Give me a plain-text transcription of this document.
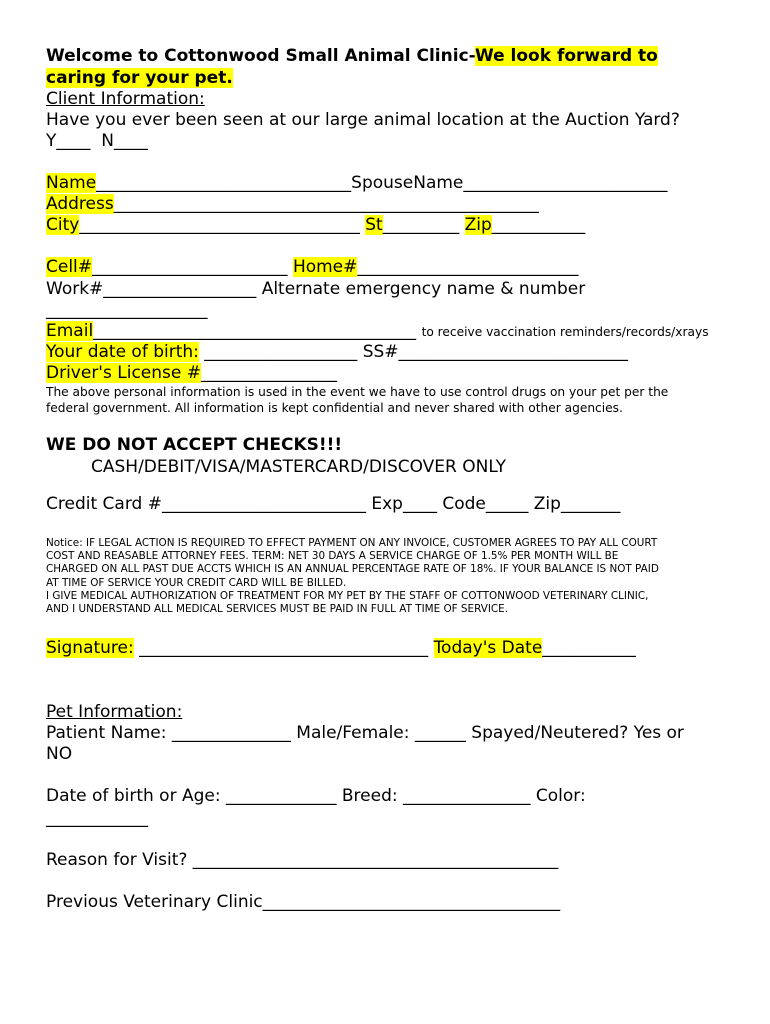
Welcome to Cottonwood Small Animal Clinic-We look forward to
caring for your pet.
Client Information:
Have you ever been seen at our large animal location at the Auction Yard?
Y____  N____
Name______________________________SpouseName________________________
Address__________________________________________________
City_________________________________ St_________ Zip___________
Cell#_______________________ Home#__________________________
Work#__________________ Alternate emergency name & number
___________________
Email______________________________________ to receive vaccination reminders/records/xrays
Your date of birth: __________________ SS#___________________________
Driver's License #________________
The above personal information is used in the event we have to use control drugs on your pet per the
federal government. All information is kept confidential and never shared with other agencies.
WE DO NOT ACCEPT CHECKS!!!
CASH/DEBIT/VISA/MASTERCARD/DISCOVER ONLY
Credit Card #________________________ Exp____ Code_____ Zip_______
Notice: IF LEGAL ACTION IS REQUIRED TO EFFECT PAYMENT ON ANY INVOICE, CUSTOMER AGREES TO PAY ALL COURT
COST AND REASABLE ATTORNEY FEES. TERM: NET 30 DAYS A SERVICE CHARGE OF 1.5% PER MONTH WILL BE
CHARGED ON ALL PAST DUE ACCTS WHICH IS AN ANNUAL PERCENTAGE RATE OF 18%. IF YOUR BALANCE IS NOT PAID
AT TIME OF SERVICE YOUR CREDIT CARD WILL BE BILLED.
I GIVE MEDICAL AUTHORIZATION OF TREATMENT FOR MY PET BY THE STAFF OF COTTONWOOD VETERINARY CLINIC,
AND I UNDERSTAND ALL MEDICAL SERVICES MUST BE PAID IN FULL AT TIME OF SERVICE.
Signature: __________________________________ Today's Date___________
Pet Information:
Patient Name: ______________ Male/Female: ______ Spayed/Neutered? Yes or
NO
Date of birth or Age: _____________ Breed: _______________ Color:
____________
Reason for Visit? ___________________________________________
Previous Veterinary Clinic___________________________________
